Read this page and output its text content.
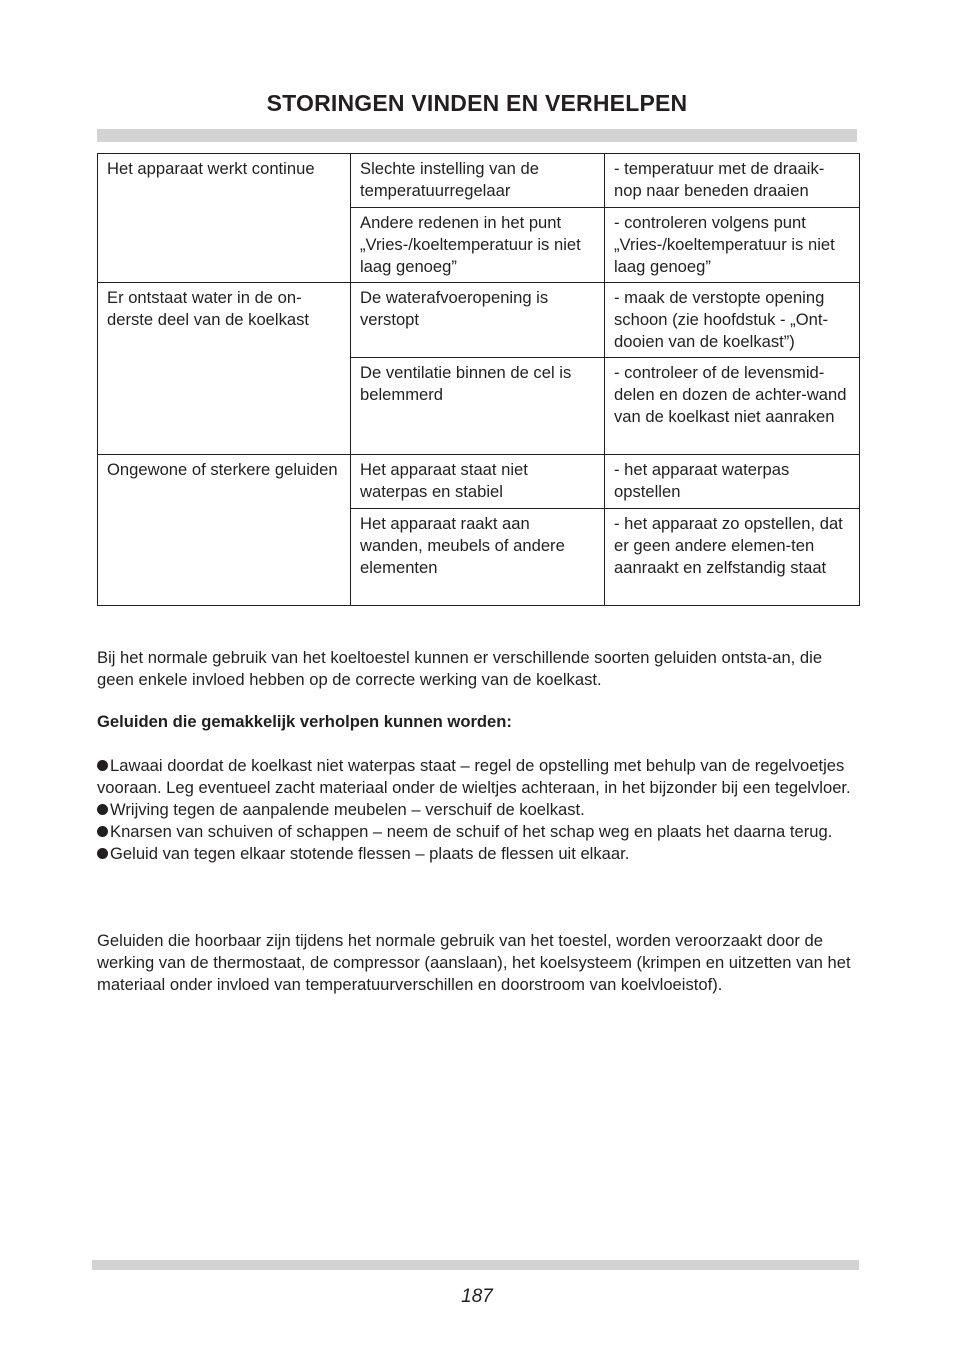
STORINGEN VINDEN EN VERHELPEN
Het apparaat werkt continue	Slechte instelling van de temperatuurregelaar	- temperatuur met de draaik-nop naar beneden draaien
	Andere redenen in het punt „Vries-/koeltemperatuur is niet laag genoeg”	- controleren volgens punt „Vries-/koeltemperatuur is niet laag genoeg”
Er ontstaat water in de on-derste deel van de koelkast	De waterafvoeropening is verstopt	- maak de verstopte opening schoon (zie hoofdstuk - „Ont-dooien van de koelkast”)
	De ventilatie binnen de cel is belemmerd	- controleer of de levensmid-delen en dozen de achter-wand van de koelkast niet aanraken
Ongewone of sterkere geluiden	Het apparaat staat niet waterpas en stabiel	- het apparaat waterpas opstellen
	Het apparaat raakt aan wanden, meubels of andere elementen	- het apparaat zo opstellen, dat er geen andere elemen-ten aanraakt en zelfstandig staat

Bij het normale gebruik van het koeltoestel kunnen er verschillende soorten geluiden ontsta-an, die geen enkele invloed hebben op de correcte werking van de koelkast.

Geluiden die gemakkelijk verholpen kunnen worden:

Lawaai doordat de koelkast niet waterpas staat – regel de opstelling met behulp van de regelvoetjes vooraan. Leg eventueel zacht materiaal onder de wieltjes achteraan, in het bijzonder bij een tegelvloer.
Wrijving tegen de aanpalende meubelen – verschuif de koelkast.
Knarsen van schuiven of schappen – neem de schuif of het schap weg en plaats het daarna terug.
Geluid van tegen elkaar stotende flessen – plaats de flessen uit elkaar.

Geluiden die hoorbaar zijn tijdens het normale gebruik van het toestel, worden veroorzaakt door de werking van de thermostaat, de compressor (aanslaan), het koelsysteem (krimpen en uitzetten van het materiaal onder invloed van temperatuurverschillen en doorstroom van koelvloeistof).

187
